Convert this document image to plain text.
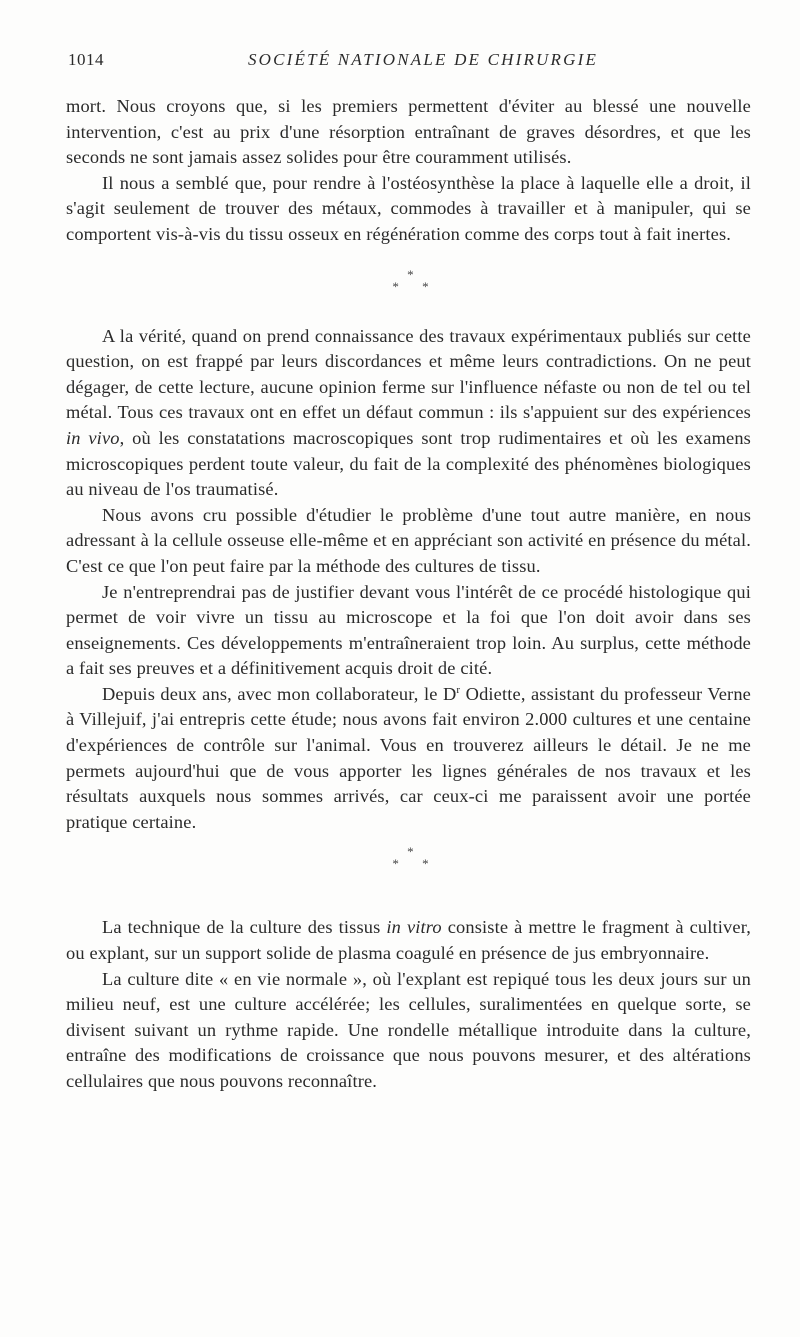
1014	SOCIÉTÉ NATIONALE DE CHIRURGIE

mort. Nous croyons que, si les premiers permettent d'éviter au blessé une nouvelle intervention, c'est au prix d'une résorption entraînant de graves désordres, et que les seconds ne sont jamais assez solides pour être couramment utilisés.

Il nous a semblé que, pour rendre à l'ostéosynthèse la place à laquelle elle a droit, il s'agit seulement de trouver des métaux, commodes à travailler et à manipuler, qui se comportent vis-à-vis du tissu osseux en régénération comme des corps tout à fait inertes.

*
* *

A la vérité, quand on prend connaissance des travaux expérimentaux publiés sur cette question, on est frappé par leurs discordances et même leurs contradictions. On ne peut dégager, de cette lecture, aucune opinion ferme sur l'influence néfaste ou non de tel ou tel métal. Tous ces travaux ont en effet un défaut commun : ils s'appuient sur des expériences in vivo, où les constatations macroscopiques sont trop rudimentaires et où les examens microscopiques perdent toute valeur, du fait de la complexité des phénomènes biologiques au niveau de l'os traumatisé.

Nous avons cru possible d'étudier le problème d'une tout autre manière, en nous adressant à la cellule osseuse elle-même et en appréciant son activité en présence du métal. C'est ce que l'on peut faire par la méthode des cultures de tissu.

Je n'entreprendrai pas de justifier devant vous l'intérêt de ce procédé histologique qui permet de voir vivre un tissu au microscope et la foi que l'on doit avoir dans ses enseignements. Ces développements m'entraîneraient trop loin. Au surplus, cette méthode a fait ses preuves et a définitivement acquis droit de cité.

Depuis deux ans, avec mon collaborateur, le $D^r$ Odiette, assistant du professeur Verne à Villejuif, j'ai entrepris cette étude; nous avons fait environ 2.000 cultures et une centaine d'expériences de contrôle sur l'animal. Vous en trouverez ailleurs le détail. Je ne me permets aujourd'hui que de vous apporter les lignes générales de nos travaux et les résultats auxquels nous sommes arrivés, car ceux-ci me paraissent avoir une portée pratique certaine.

*
* *

La technique de la culture des tissus in vitro consiste à mettre le fragment à cultiver, ou explant, sur un support solide de plasma coagulé en présence de jus embryonnaire.

La culture dite « en vie normale », où l'explant est repiqué tous les deux jours sur un milieu neuf, est une culture accélérée; les cellules, suralimentées en quelque sorte, se divisent suivant un rythme rapide. Une rondelle métallique introduite dans la culture, entraîne des modifications de croissance que nous pouvons mesurer, et des altérations cellulaires que nous pouvons reconnaître.
